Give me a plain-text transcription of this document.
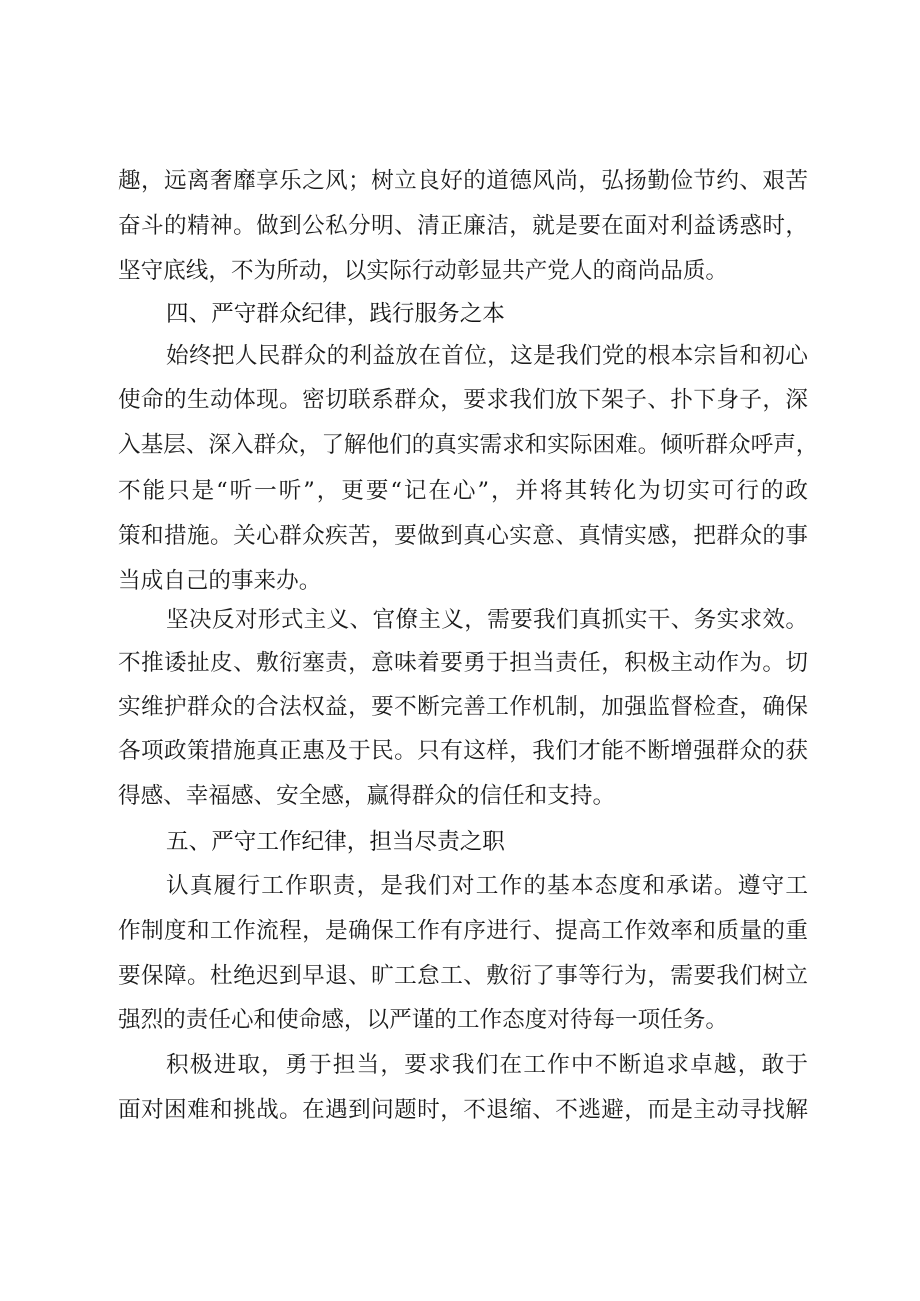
趣，远离奢靡享乐之风；树立良好的道德风尚，弘扬勤俭节约、艰苦
奋斗的精神。做到公私分明、清正廉洁，就是要在面对利益诱惑时，
坚守底线，不为所动，以实际行动彰显共产党人的商尚品质。
四、严守群众纪律，践行服务之本
始终把人民群众的利益放在首位，这是我们党的根本宗旨和初心
使命的生动体现。密切联系群众，要求我们放下架子、扑下身子，深
入基层、深入群众，了解他们的真实需求和实际困难。倾听群众呼声，
不能只是“听一听”，更要“记在心”，并将其转化为切实可行的政
策和措施。关心群众疾苦，要做到真心实意、真情实感，把群众的事
当成自己的事来办。
坚决反对形式主义、官僚主义，需要我们真抓实干、务实求效。
不推诿扯皮、敷衍塞责，意味着要勇于担当责任，积极主动作为。切
实维护群众的合法权益，要不断完善工作机制，加强监督检查，确保
各项政策措施真正惠及于民。只有这样，我们才能不断增强群众的获
得感、幸福感、安全感，赢得群众的信任和支持。
五、严守工作纪律，担当尽责之职
认真履行工作职责，是我们对工作的基本态度和承诺。遵守工
作制度和工作流程，是确保工作有序进行、提高工作效率和质量的重
要保障。杜绝迟到早退、旷工怠工、敷衍了事等行为，需要我们树立
强烈的责任心和使命感，以严谨的工作态度对待每一项任务。
积极进取，勇于担当，要求我们在工作中不断追求卓越，敢于
面对困难和挑战。在遇到问题时，不退缩、不逃避，而是主动寻找解
